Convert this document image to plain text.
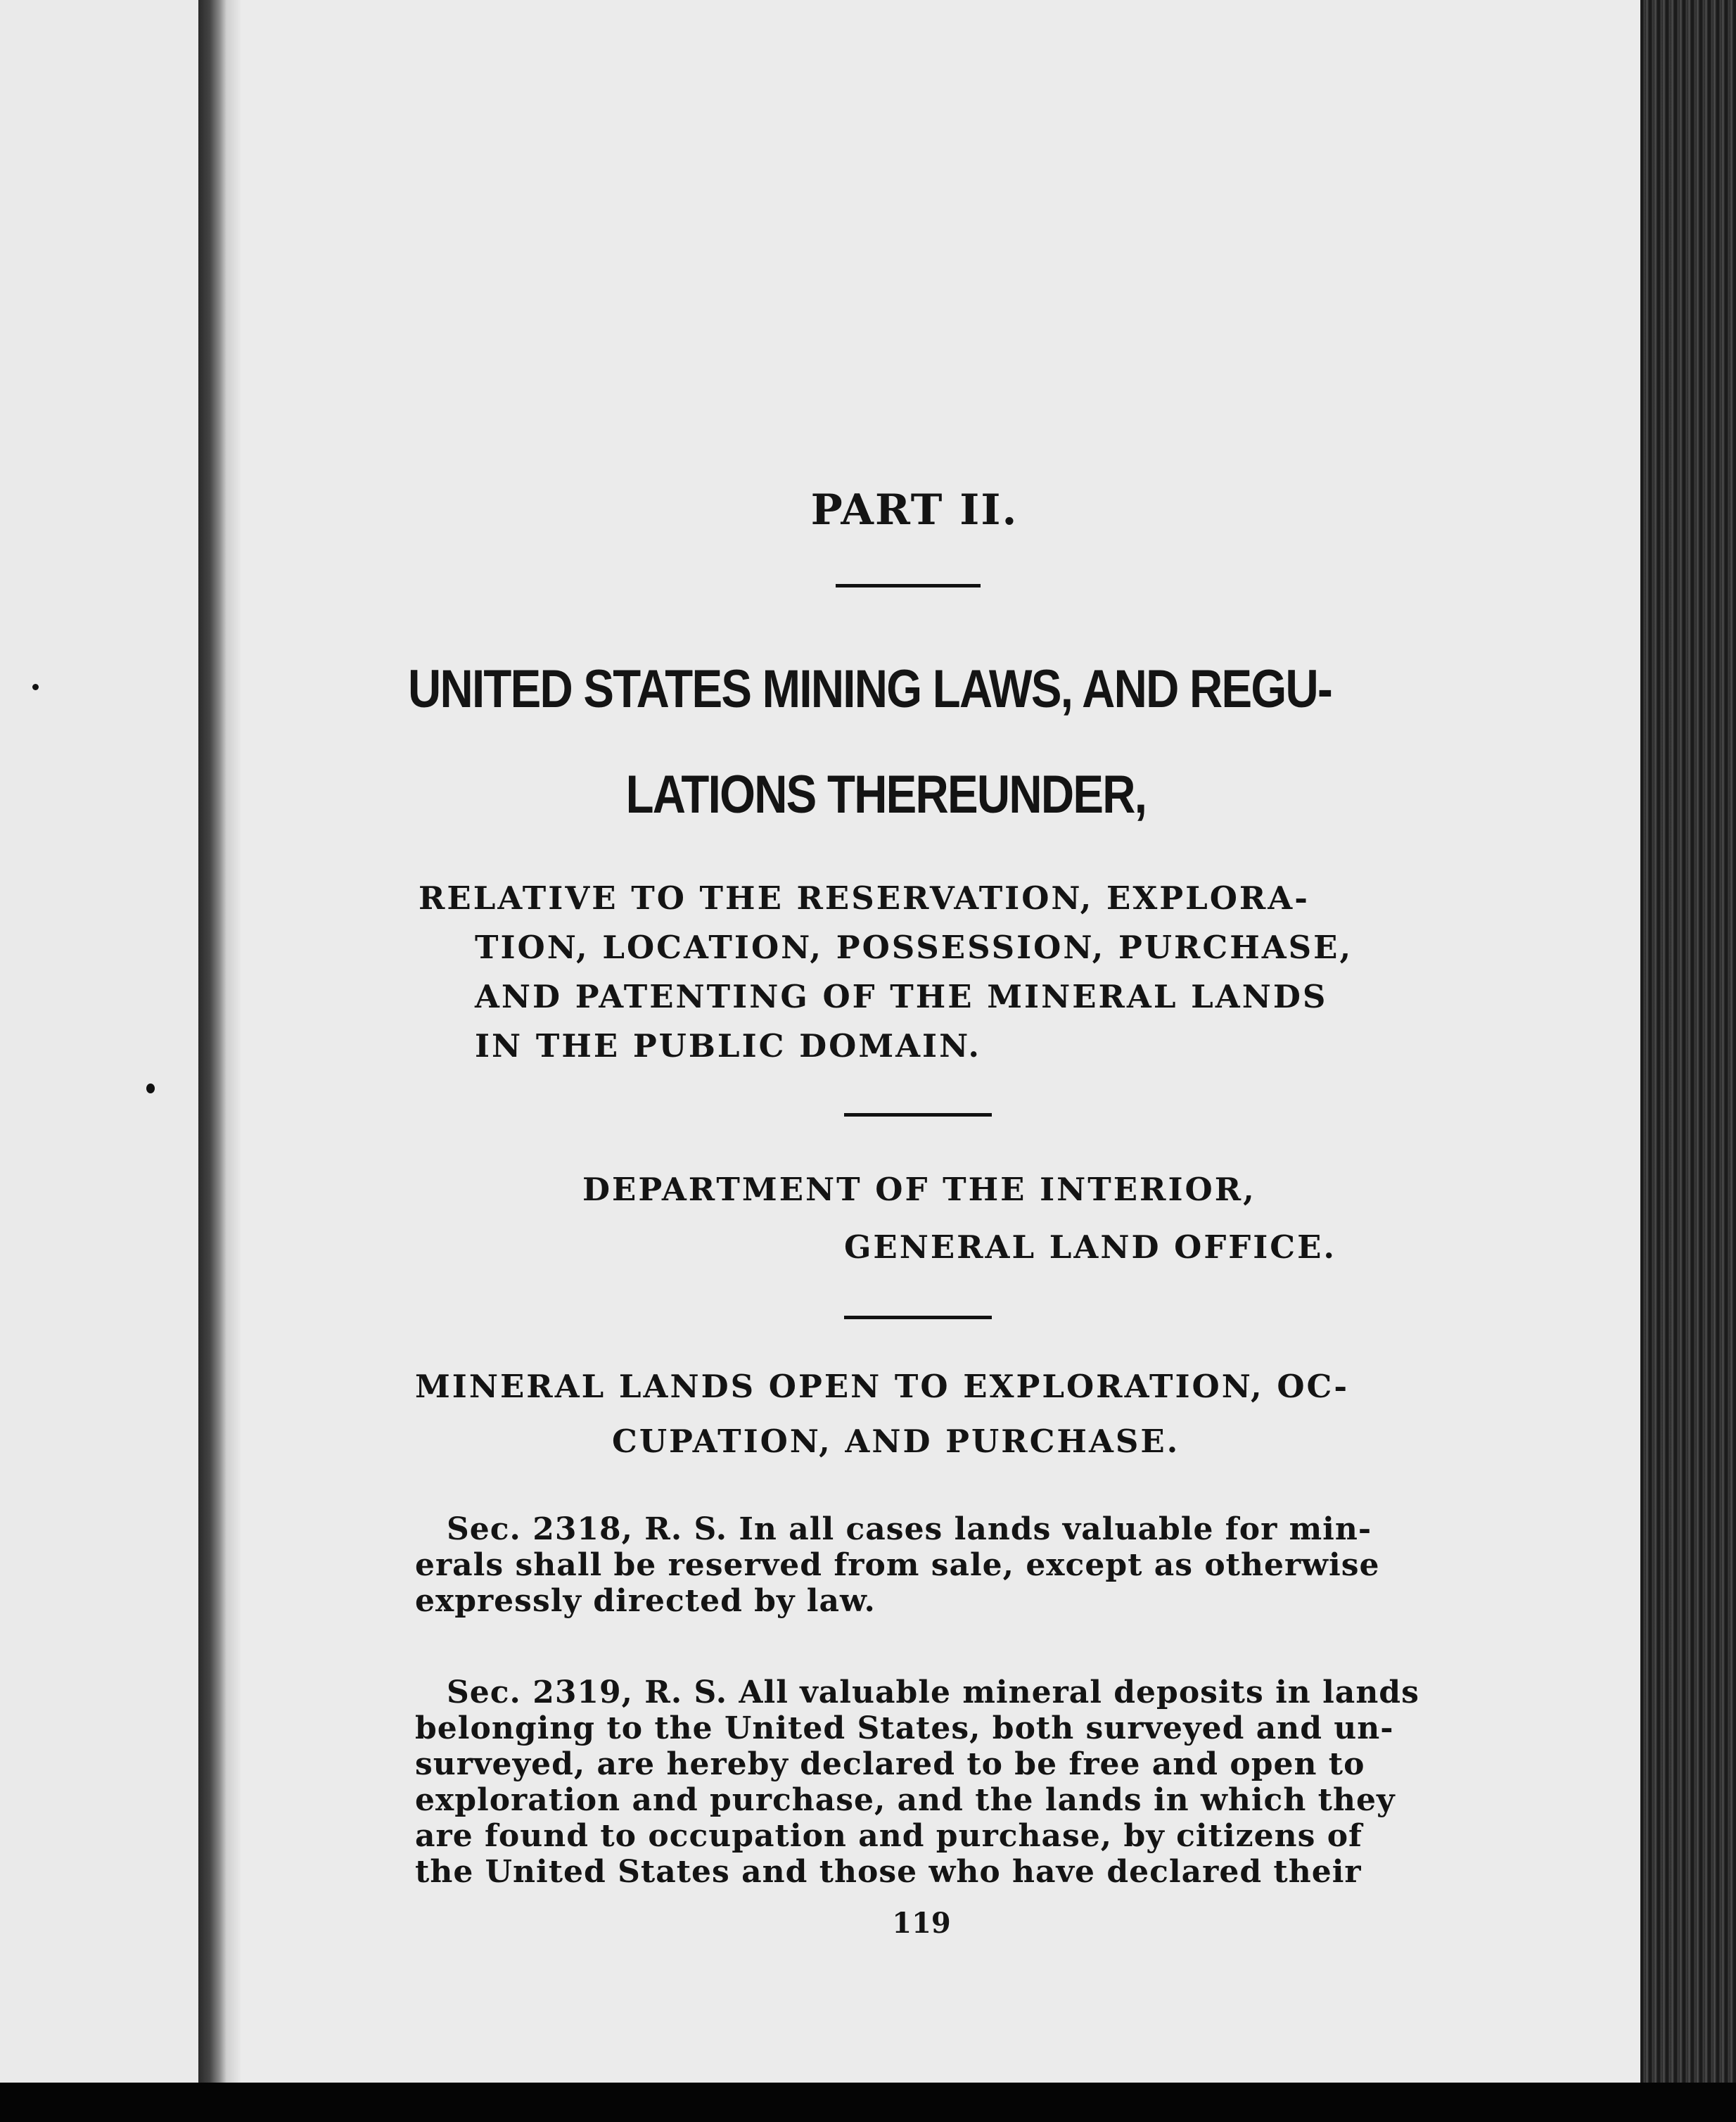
PART II.
UNITED STATES MINING LAWS, AND REGU-
LATIONS THEREUNDER,

RELATIVE TO THE RESERVATION, EXPLORA-
TION, LOCATION, POSSESSION, PURCHASE,
AND PATENTING OF THE MINERAL LANDS
IN THE PUBLIC DOMAIN.

DEPARTMENT OF THE INTERIOR,

GENERAL LAND OFFICE.

MINERAL LANDS OPEN TO EXPLORATION, OC-
CUPATION, AND PURCHASE.

Sec. 2318, R. S. In all cases lands valuable for min-
erals shall be reserved from sale, except as otherwise
expressly directed by law.

Sec. 2319, R. S. All valuable mineral deposits in lands
belonging to the United States, both surveyed and un-
surveyed, are hereby declared to be free and open to
exploration and purchase, and the lands in which they
are found to occupation and purchase, by citizens of
the United States and those who have declared their

119
